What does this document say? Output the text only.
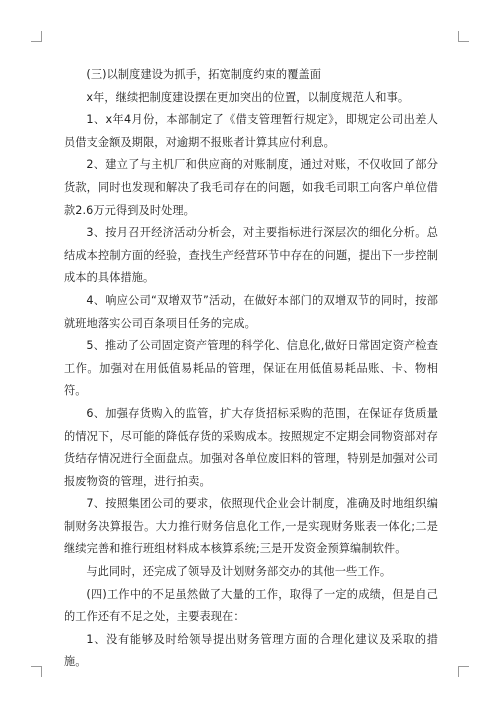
(三)以制度建设为抓手，拓宽制度约束的覆盖面

x年，继续把制度建设摆在更加突出的位置，以制度规范人和事。

1、x年4月份，本部制定了《借支管理暂行规定》，即规定公司出差人员借支金额及期限，对逾期不报账者计算其应付利息。

2、建立了与主机厂和供应商的对账制度，通过对账，不仅收回了部分货款，同时也发现和解决了我毛司存在的问题，如我毛司职工向客户单位借款2.6万元得到及时处理。

3、按月召开经济活动分析会，对主要指标进行深层次的细化分析。总结成本控制方面的经验，查找生产经营环节中存在的问题，提出下一步控制成本的具体措施。

4、响应公司“双增双节”活动，在做好本部门的双增双节的同时，按部就班地落实公司百条项目任务的完成。

5、推动了公司固定资产管理的科学化、信息化,做好日常固定资产检查工作。加强对在用低值易耗品的管理，保证在用低值易耗品账、卡、物相符。

6、加强存货购入的监管，扩大存货招标采购的范围，在保证存货质量的情况下，尽可能的降低存货的采购成本。按照规定不定期会同物资部对存货结存情况进行全面盘点。加强对各单位废旧料的管理，特别是加强对公司报废物资的管理，进行拍卖。

7、按照集团公司的要求，依照现代企业会计制度，准确及时地组织编制财务决算报告。大力推行财务信息化工作,一是实现财务账表一体化;二是继续完善和推行班组材料成本核算系统;三是开发资金预算编制软件。

与此同时，还完成了领导及计划财务部交办的其他一些工作。

(四)工作中的不足虽然做了大量的工作，取得了一定的成绩，但是自己的工作还有不足之处，主要表现在：

1、没有能够及时给领导提出财务管理方面的合理化建议及采取的措施。
